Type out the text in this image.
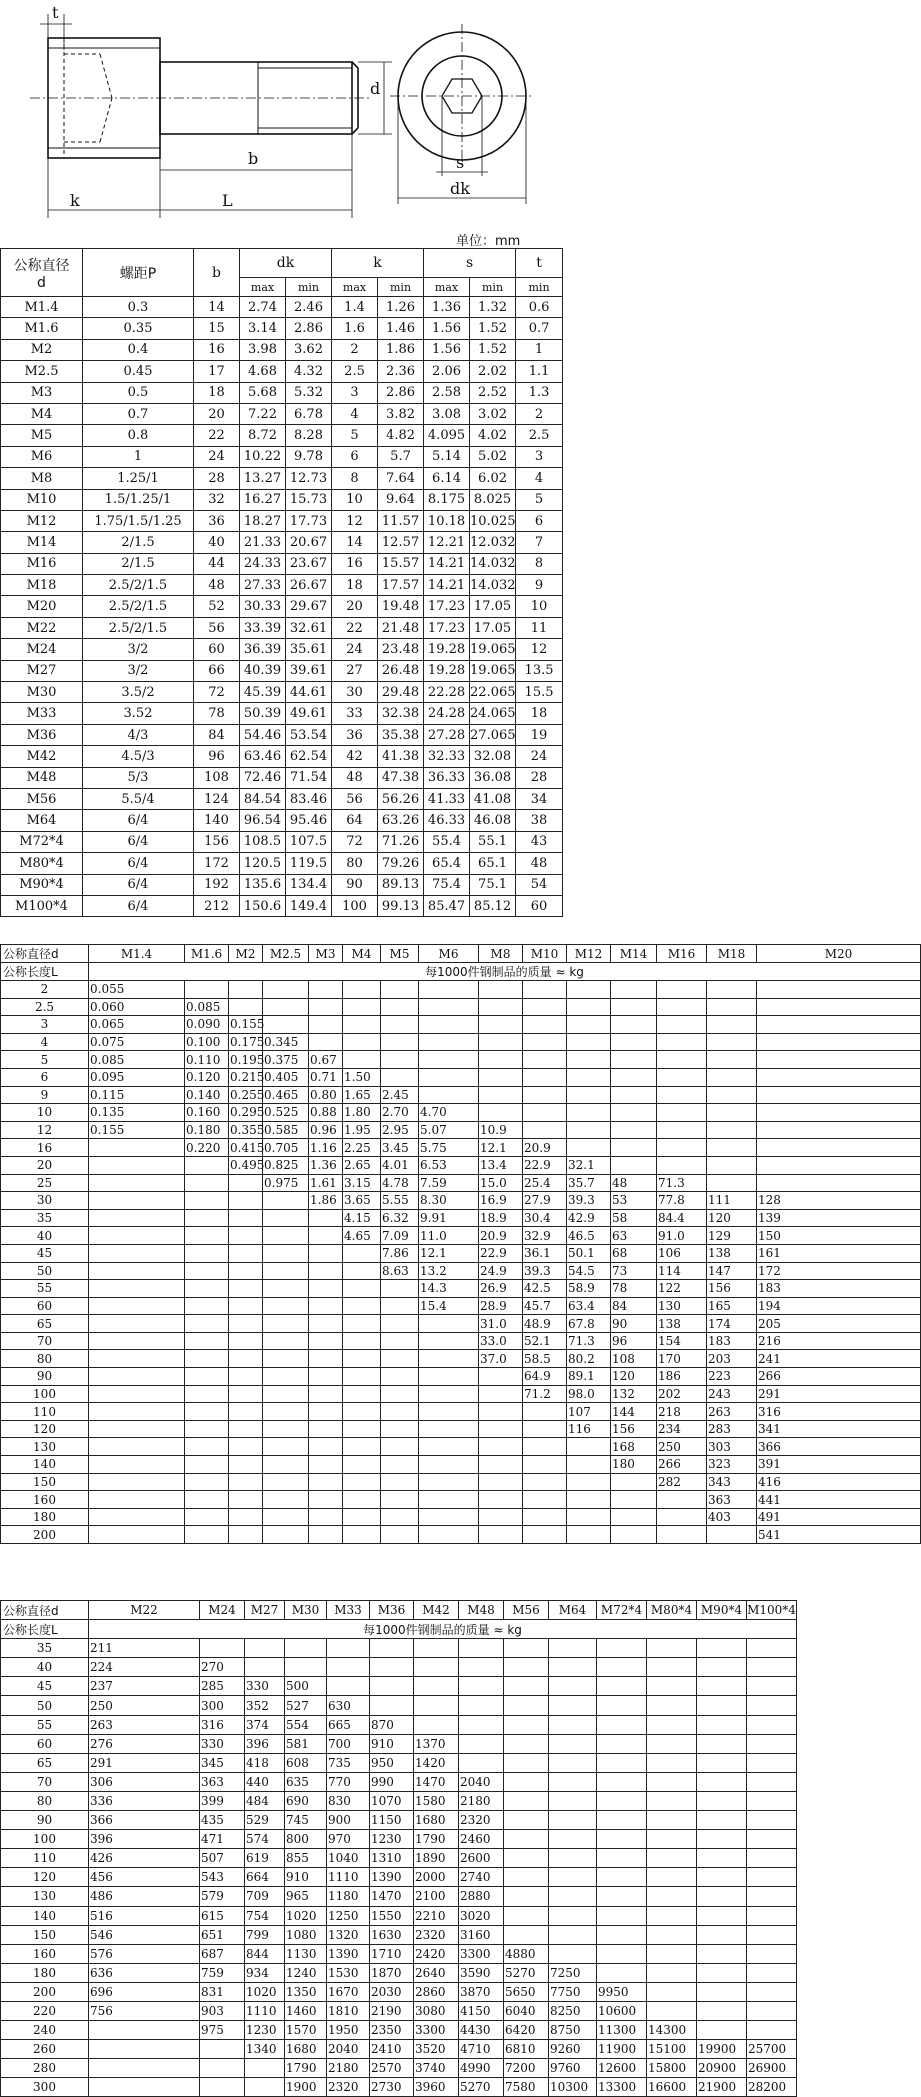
t
d
b
k	L
s
dk
单位：mm
公称直径
d	螺距P	b	dk		k		s		t
			max	min	max	min	max	min	min
M1.4	0.3	14	2.74	2.46	1.4	1.26	1.36	1.32	0.6
M1.6	0.35	15	3.14	2.86	1.6	1.46	1.56	1.52	0.7
M2	0.4	16	3.98	3.62	2	1.86	1.56	1.52	1
M2.5	0.45	17	4.68	4.32	2.5	2.36	2.06	2.02	1.1
M3	0.5	18	5.68	5.32	3	2.86	2.58	2.52	1.3
M4	0.7	20	7.22	6.78	4	3.82	3.08	3.02	2
M5	0.8	22	8.72	8.28	5	4.82	4.095	4.02	2.5
M6	1	24	10.22	9.78	6	5.7	5.14	5.02	3
M8	1.25/1	28	13.27	12.73	8	7.64	6.14	6.02	4
M10	1.5/1.25/1	32	16.27	15.73	10	9.64	8.175	8.025	5
M12	1.75/1.5/1.25	36	18.27	17.73	12	11.57	10.18	10.025	6
M14	2/1.5	40	21.33	20.67	14	12.57	12.21	12.032	7
M16	2/1.5	44	24.33	23.67	16	15.57	14.21	14.032	8
M18	2.5/2/1.5	48	27.33	26.67	18	17.57	14.21	14.032	9
M20	2.5/2/1.5	52	30.33	29.67	20	19.48	17.23	17.05	10
M22	2.5/2/1.5	56	33.39	32.61	22	21.48	17.23	17.05	11
M24	3/2	60	36.39	35.61	24	23.48	19.28	19.065	12
M27	3/2	66	40.39	39.61	27	26.48	19.28	19.065	13.5
M30	3.5/2	72	45.39	44.61	30	29.48	22.28	22.065	15.5
M33	3.52	78	50.39	49.61	33	32.38	24.28	24.065	18
M36	4/3	84	54.46	53.54	36	35.38	27.28	27.065	19
M42	4.5/3	96	63.46	62.54	42	41.38	32.33	32.08	24
M48	5/3	108	72.46	71.54	48	47.38	36.33	36.08	28
M56	5.5/4	124	84.54	83.46	56	56.26	41.33	41.08	34
M64	6/4	140	96.54	95.46	64	63.26	46.33	46.08	38
M72*4	6/4	156	108.5	107.5	72	71.26	55.4	55.1	43
M80*4	6/4	172	120.5	119.5	80	79.26	65.4	65.1	48
M90*4	6/4	192	135.6	134.4	90	89.13	75.4	75.1	54
M100*4	6/4	212	150.6	149.4	100	99.13	85.47	85.12	60
公称直径d	M1.4	M1.6	M2	M2.5	M3	M4	M5	M6	M8	M10	M12	M14	M16	M18	M20
公称长度L	每1000件钢制品的质量 ≈ kg														
2	0.055														
2.5	0.060	0.085													
3	0.065	0.090	0.155												
4	0.075	0.100	0.175	0.345											
5	0.085	0.110	0.195	0.375	0.67										
6	0.095	0.120	0.215	0.405	0.71	1.50									
9	0.115	0.140	0.255	0.465	0.80	1.65	2.45								
10	0.135	0.160	0.295	0.525	0.88	1.80	2.70	4.70							
12	0.155	0.180	0.355	0.585	0.96	1.95	2.95	5.07	10.9						
16		0.220	0.415	0.705	1.16	2.25	3.45	5.75	12.1	20.9					
20			0.495	0.825	1.36	2.65	4.01	6.53	13.4	22.9	32.1				
25				0.975	1.61	3.15	4.78	7.59	15.0	25.4	35.7	48	71.3		
30					1.86	3.65	5.55	8.30	16.9	27.9	39.3	53	77.8	111	128
35						4.15	6.32	9.91	18.9	30.4	42.9	58	84.4	120	139
40						4.65	7.09	11.0	20.9	32.9	46.5	63	91.0	129	150
45							7.86	12.1	22.9	36.1	50.1	68	106	138	161
50							8.63	13.2	24.9	39.3	54.5	73	114	147	172
55								14.3	26.9	42.5	58.9	78	122	156	183
60								15.4	28.9	45.7	63.4	84	130	165	194
65									31.0	48.9	67.8	90	138	174	205
70									33.0	52.1	71.3	96	154	183	216
80									37.0	58.5	80.2	108	170	203	241
90										64.9	89.1	120	186	223	266
100										71.2	98.0	132	202	243	291
110											107	144	218	263	316
120											116	156	234	283	341
130												168	250	303	366
140												180	266	323	391
150													282	343	416
160														363	441
180														403	491
200															541
公称直径d	M22	M24	M27	M30	M33	M36	M42	M48	M56	M64	M72*4	M80*4	M90*4	M100*4
公称长度L	每1000件钢制品的质量 ≈ kg													
35	211													
40	224	270												
45	237	285	330	500										
50	250	300	352	527	630									
55	263	316	374	554	665	870								
60	276	330	396	581	700	910	1370							
65	291	345	418	608	735	950	1420							
70	306	363	440	635	770	990	1470	2040						
80	336	399	484	690	830	1070	1580	2180						
90	366	435	529	745	900	1150	1680	2320						
100	396	471	574	800	970	1230	1790	2460						
110	426	507	619	855	1040	1310	1890	2600						
120	456	543	664	910	1110	1390	2000	2740						
130	486	579	709	965	1180	1470	2100	2880						
140	516	615	754	1020	1250	1550	2210	3020						
150	546	651	799	1080	1320	1630	2320	3160						
160	576	687	844	1130	1390	1710	2420	3300	4880					
180	636	759	934	1240	1530	1870	2640	3590	5270	7250				
200	696	831	1020	1350	1670	2030	2860	3870	5650	7750	9950			
220	756	903	1110	1460	1810	2190	3080	4150	6040	8250	10600			
240		975	1230	1570	1950	2350	3300	4430	6420	8750	11300	14300		
260			1340	1680	2040	2410	3520	4710	6810	9260	11900	15100	19900	25700
280				1790	2180	2570	3740	4990	7200	9760	12600	15800	20900	26900
300				1900	2320	2730	3960	5270	7580	10300	13300	16600	21900	28200
